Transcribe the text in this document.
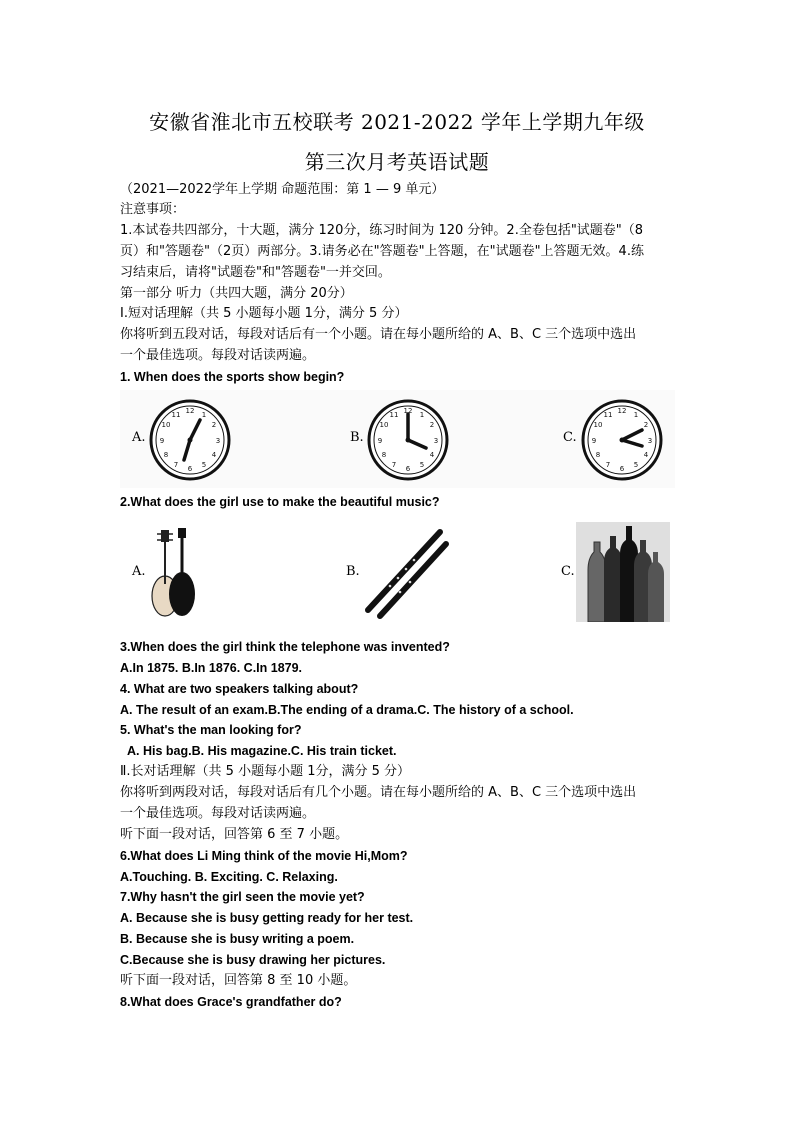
安徽省淮北市五校联考 2021-2022 学年上学期九年级
第三次月考英语试题
（2021—2022学年上学期 命题范围：第 1 — 9 单元）
注意事项：
1.本试卷共四部分，十大题，满分 120分，练习时间为 120 分钟。2.全卷包括"试题卷"（8
页）和"答题卷"（2页）两部分。3.请务必在"答题卷"上答题，在"试题卷"上答题无效。4.练
习结束后，请将"试题卷"和"答题卷"一并交回。
第一部分 听力（共四大题，满分 20分）
Ⅰ.短对话理解（共 5 小题每小题 1分，满分 5 分）
你将听到五段对话，每段对话后有一个小题。请在每小题所给的 A、B、C 三个选项中选出
一个最佳选项。每段对话读两遍。
1. When does the sports show begin?
A.	B.	C.
12 1
2
3
4
5
6
7
8
9
10
11	12 1
2
3
4
5
6
7
8
9
10
11	12 1
2
3
4
5
6
7
8
9
10
11
2.What does the girl use to make the beautiful music?
A.	B.	C.
3.When does the girl think the telephone was invented?
A.In 1875. B.In 1876. C.In 1879.
4. What are two speakers talking about?
A. The result of an exam.B.The ending of a drama.C. The history of a school.
5. What's the man looking for?
A. His bag.B. His magazine.C. His train ticket.
Ⅱ.长对话理解（共 5 小题每小题 1分，满分 5 分）
你将听到两段对话，每段对话后有几个小题。请在每小题所给的 A、B、C 三个选项中选出
一个最佳选项。每段对话读两遍。
听下面一段对话，回答第 6 至 7 小题。
6.What does Li Ming think of the movie Hi,Mom?
A.Touching. B. Exciting. C. Relaxing.
7.Why hasn't the girl seen the movie yet?
A. Because she is busy getting ready for her test.
B. Because she is busy writing a poem.
C.Because she is busy drawing her pictures.
听下面一段对话，回答第 8 至 10 小题。
8.What does Grace's grandfather do?
